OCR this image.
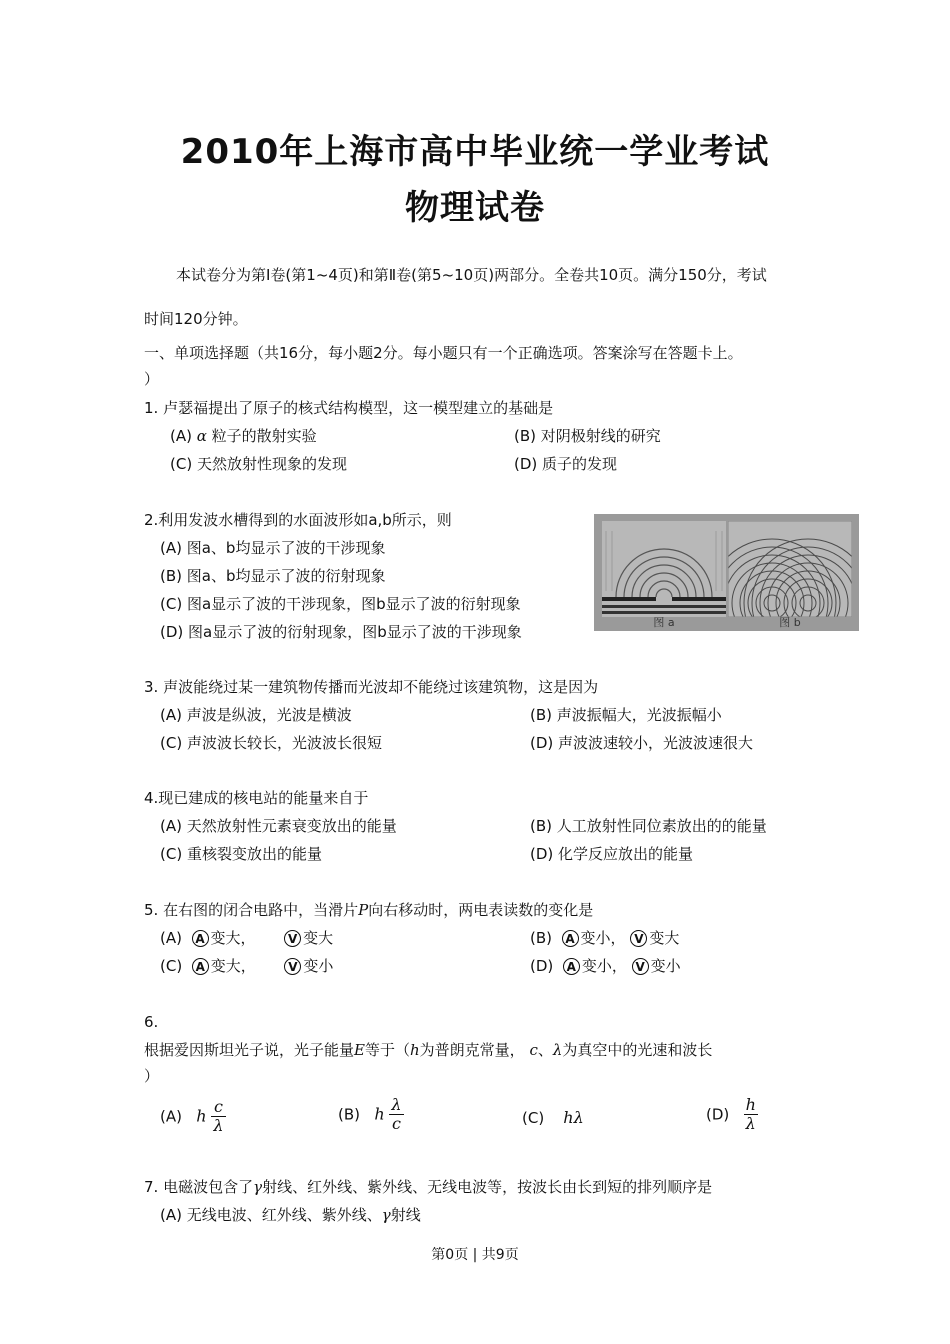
2010年上海市高中毕业统一学业考试
物理试卷
本试卷分为第Ⅰ卷(第1~4页)和第Ⅱ卷(第5~10页)两部分。全卷共10页。满分150分，考试
时间120分钟。
一、单项选择题（共16分，每小题2分。每小题只有一个正确选项。答案涂写在答题卡上。
）
1. 卢瑟福提出了原子的核式结构模型，这一模型建立的基础是
(A) α 粒子的散射实验	(B) 对阴极射线的研究
(C) 天然放射性现象的发现	(D) 质子的发现
2.利用发波水槽得到的水面波形如a,b所示，则
(A) 图a、b均显示了波的干涉现象
(B) 图a、b均显示了波的衍射现象
(C) 图a显示了波的干涉现象，图b显示了波的衍射现象
(D) 图a显示了波的衍射现象，图b显示了波的干涉现象
图 a	图 b
3. 声波能绕过某一建筑物传播而光波却不能绕过该建筑物，这是因为
(A) 声波是纵波，光波是横波	(B) 声波振幅大，光波振幅小
(C) 声波波长较长，光波波长很短	(D) 声波波速较小，光波波速很大
4.现已建成的核电站的能量来自于
(A) 天然放射性元素衰变放出的能量	(B) 人工放射性同位素放出的的能量
(C) 重核裂变放出的能量	(D) 化学反应放出的能量
5. 在右图的闭合电路中，当滑片P向右移动时，两电表读数的变化是
(A) A 变大，	V 变大	(B) A 变小， V 变大
(C) A 变大，	V 变小	(D) A 变小， V 变小
6.
根据爱因斯坦光子说，光子能量E等于（h为普朗克常量， c、λ为真空中的光速和波长
）
(A) h $\frac{c}{\lambda}$	(B) h $\frac{\lambda}{c}$	(C) hλ	$(D) \frac{h}{\lambda}$
7. 电磁波包含了γ射线、红外线、紫外线、无线电波等，按波长由长到短的排列顺序是
(A) 无线电波、红外线、紫外线、γ射线
第0页 | 共9页
